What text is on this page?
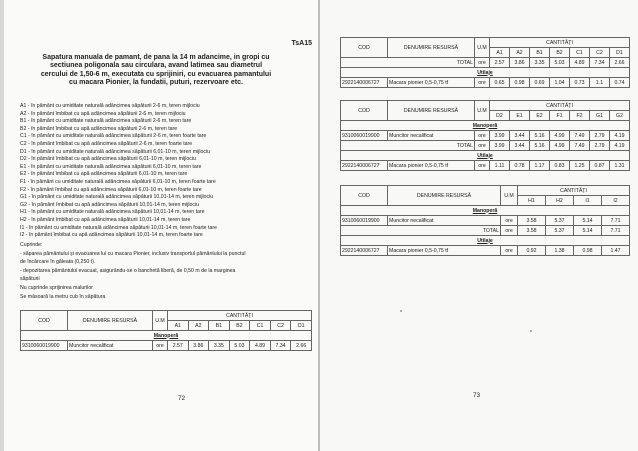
TsA15
Sapatura manuala de pamant, de pana la 14 m adancime, in gropi cu sectiunea poligonala sau circulara, avand latimea sau diametrul cercului de 1,50-6 m, executata cu sprijiniri, cu evacuarea pamantului cu macara Pionier, la fundatii, puturi, rezervoare etc.
A1 - în pământ cu umiditate naturală adâncimea săpăturii 2-6 m, teren mijlociu
A2 - în pământ îmbibat cu apă adâncimea săpăturii 2-6 m, teren mijlociu
B1 - în pământ cu umiditate naturală adâncimea săpăturii 2-6 m, teren tare
B2 - în pământ îmbibat cu apă adâncimea săpăturii 2-6 m, teren tare
C1 - în pământ cu umiditate naturală adâncimea săpăturii 2-6 m, teren foarte tare
C2 - în pământ îmbibat cu apă adâncimea săpăturii 2-6 m, teren foarte tare
D1 - în pământ cu umiditate naturală adâncimea săpăturii 6,01-10 m, teren mijlociu
D2 - în pământ îmbibat cu apă adâncimea săpăturii 6,01-10 m, teren mijlociu
E1 - în pământ cu umiditate naturală adâncimea săpăturii 6,01-10 m, teren tare
E2 - în pământ îmbibat cu apă adâncimea săpăturii 6,01-10 m, teren tare
F1 - în pământ cu umiditate naturală adâncimea săpăturii 6,01-10 m, teren foarte tare
F2 - în pământ îmbibat cu apă adâncimea săpăturii 6,01-10 m, teren foarte tare
G1 - în pământ cu umiditate naturală adâncimea săpăturii 10,01-14 m, teren mijlociu
G2 - în pământ îmbibat cu apă adâncimea săpăturii 10,01-14 m, teren mijlociu
H1 - în pământ cu umiditate naturală adâncimea săpăturii 10,01-14 m, teren tare
H2 - în pământ îmbibat cu apă adâncimea săpăturii 10,01-14 m, teren tare
I1 - în pământ cu umiditate naturală adâncimea săpăturii 10,01-14 m, teren foarte tare
I2 - în pământ îmbibat cu apă adâncimea săpăturii 10,01-14 m, teren foarte tare
Cuprinde:
- săparea pământului și evacuarea lui cu macara Pionier, inclusiv transportul pământului la punctul
de încărcare în găleata (0,250 t).
- depozitarea pământului evacuat, asigurându-se o banchetă liberă, de 0,50 m de la marginea
săpăturii
Nu cuprinde sprijinirea malurilor
Se măsoară la metru cub în săpătura
COD	DENUMIRE RESURSĂ	U.M	CANTITĂȚI						
			A1	A2	B1	B2	C1	C2	D1
Manoperă									
9310060019900	Muncitor necalificat	ore	2.57	3.86	3.35	5.03	4.89	7.34	2.66
72
COD	DENUMIRE RESURSĂ	U.M	CANTITĂȚI						
			A1	A2	B1	B2	C1	C2	D1
TOTAL		ore	2.57	3.86	3.35	5.03	4.89	7.34	2.66
Utilaje									
2922140006727	Macara pionier 0,5-0,75 tf	ore	0.65	0.98	0.69	1.04	0.73	1.1	0.74
COD	DENUMIRE RESURSĂ	U.M	CANTITĂȚI						
			D2	E1	E2	F1	F2	G1	G2
Manoperă									
9310060019900	Muncitor necalificat	ore	3.99	3.44	5.16	4.99	7.49	2.79	4.19
TOTAL		ore	3.99	3.44	5.16	4.99	7.49	2.79	4.19
Utilaje									
2922140006727	Macara pionier 0,5-0,75 tf	ore	1.11	0.78	1.17	0.83	1.25	0.87	1.31
COD	DENUMIRE RESURSĂ	U.M	CANTITĂȚI			
			H1	H2	I1	I2
Manoperă						
9310060019900	Muncitor necalificat	ore	3.58	5.37	5.14	7.71
TOTAL		ore	3.58	5.37	5.14	7.71
Utilaje						
2922140006727	Macara pionier 0,5-0,75 tf	ore	0.92	1.38	0.98	1.47
73
